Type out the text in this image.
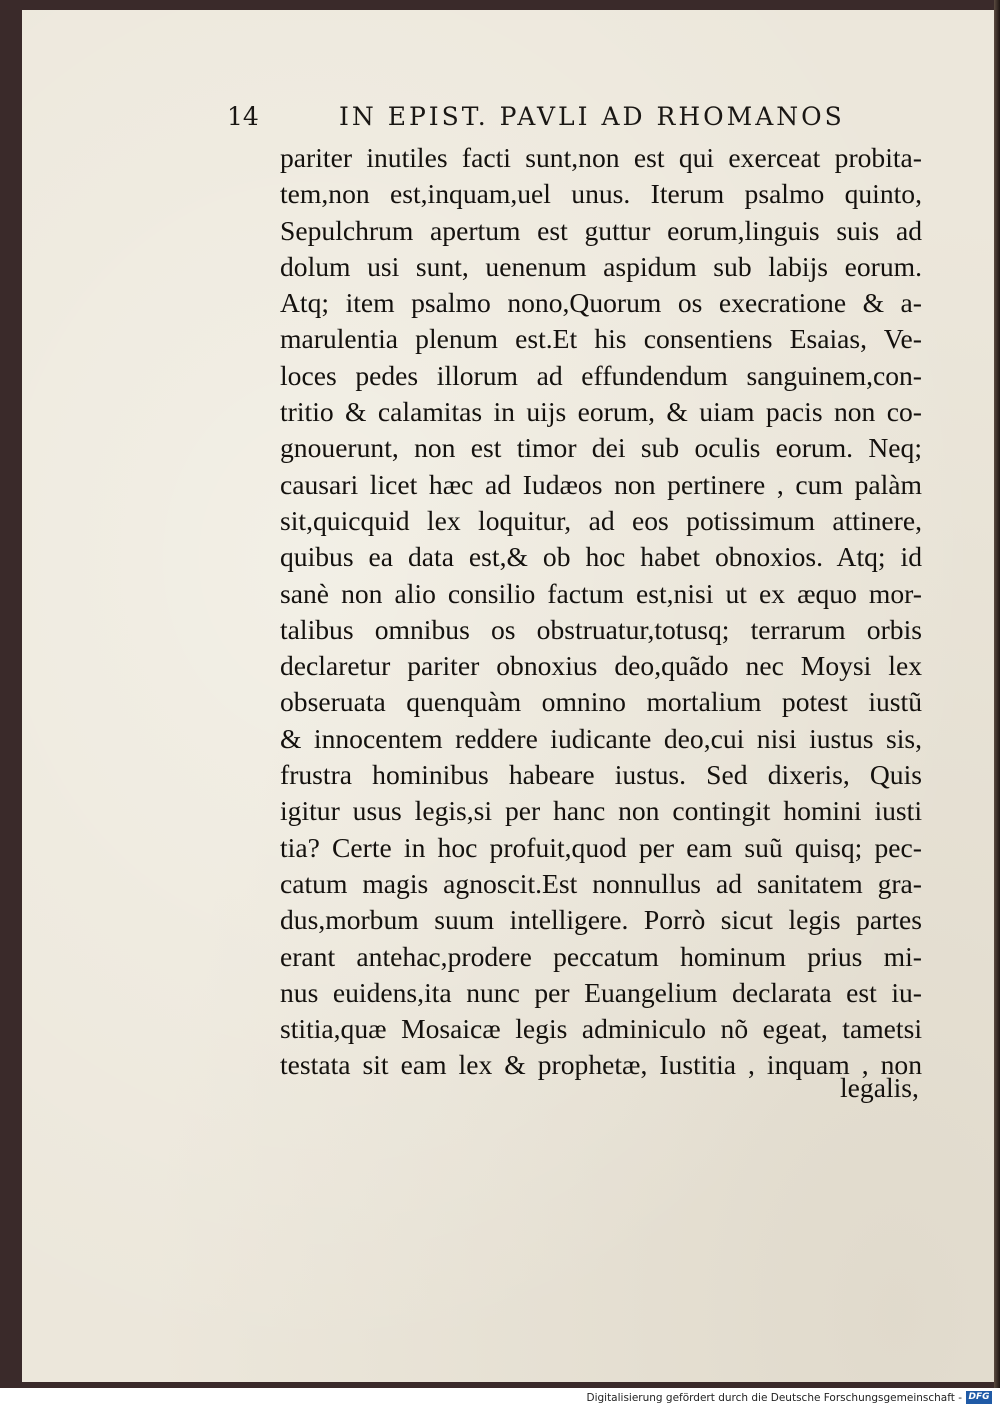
14	IN EPIST. PAVLI AD RHOMANOS
pariter inutiles facti sunt,non est qui exerceat probita-
tem,non est,inquam,uel unus. Iterum psalmo quinto,
Sepulchrum apertum est guttur eorum,linguis suis ad
dolum usi sunt, uenenum aspidum sub labijs eorum.
Atq; item psalmo nono,Quorum os execratione & a-
marulentia plenum est.Et his consentiens Esaias, Ve-
loces pedes illorum ad effundendum sanguinem,con-
tritio & calamitas in uijs eorum, & uiam pacis non co-
gnouerunt, non est timor dei sub oculis eorum. Neq;
causari licet hæc ad Iudæos non pertinere , cum palàm
sit,quicquid lex loquitur, ad eos potissimum attinere,
quibus ea data est,& ob hoc habet obnoxios. Atq; id
sanè non alio consilio factum est,nisi ut ex æquo mor-
talibus omnibus os obstruatur,totusq; terrarum orbis
declaretur pariter obnoxius deo,quãdo nec Moysi lex
obseruata quenquàm omnino mortalium potest iustũ
& innocentem reddere iudicante deo,cui nisi iustus sis,
frustra hominibus habeare iustus. Sed dixeris, Quis
igitur usus legis,si per hanc non contingit homini iusti
tia? Certe in hoc profuit,quod per eam suũ quisq; pec-
catum magis agnoscit.Est nonnullus ad sanitatem gra-
dus,morbum suum intelligere. Porrò sicut legis partes
erant antehac,prodere peccatum hominum prius mi-
nus euidens,ita nunc per Euangelium declarata est iu-
stitia,quæ Mosaicæ legis adminiculo nõ egeat, tametsi
testata sit eam lex & prophetæ, Iustitia , inquam , non
legalis,
Digitalisierung gefördert durch die Deutsche Forschungsgemeinschaft - DFG
